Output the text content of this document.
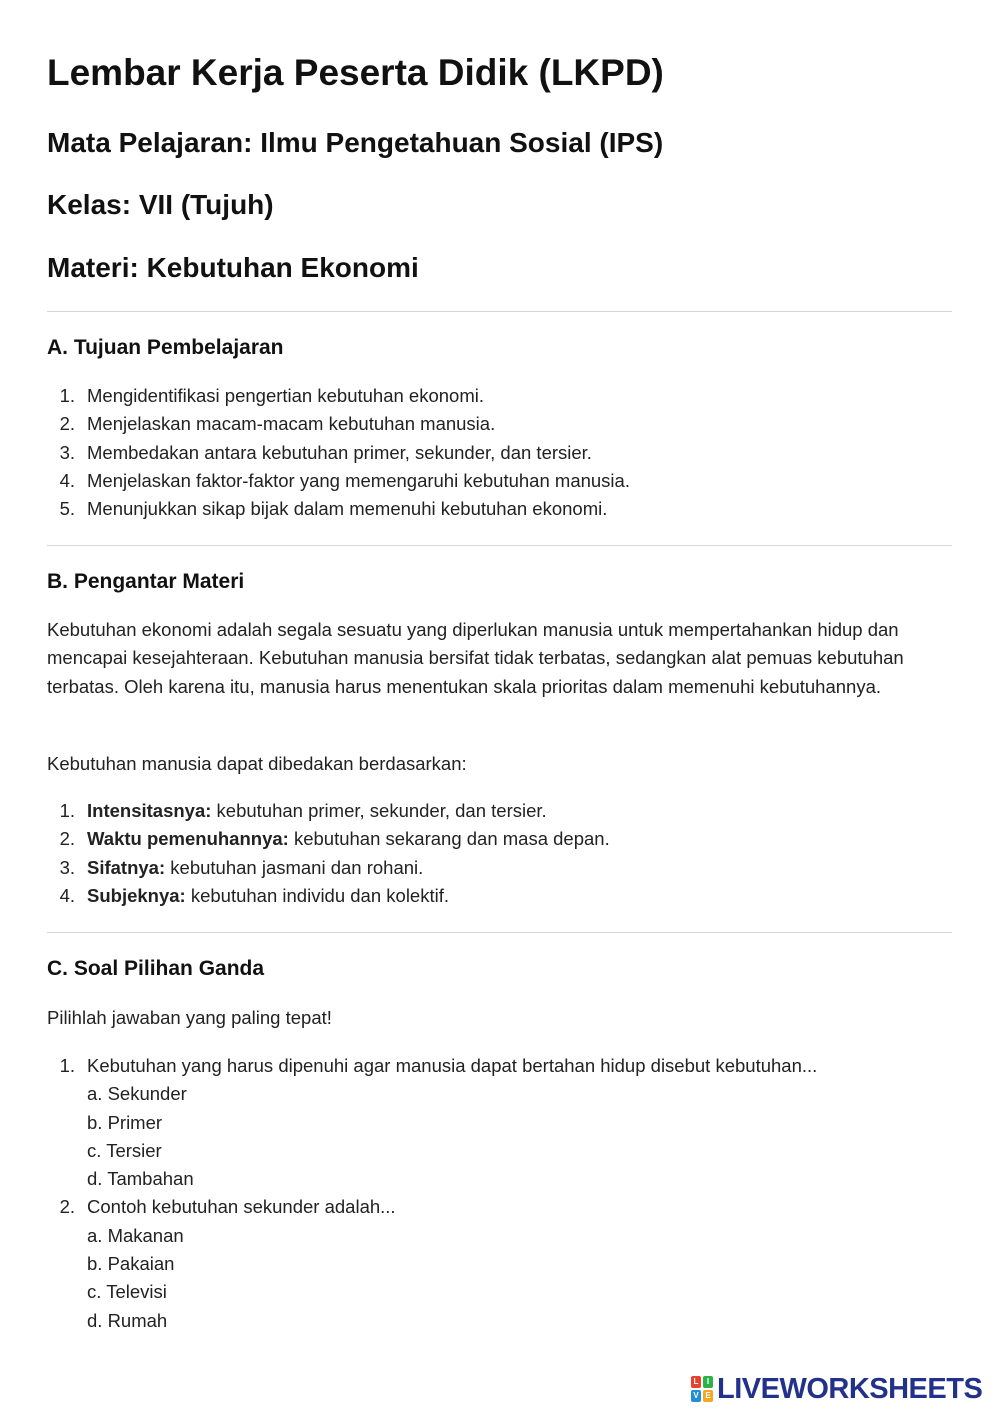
Lembar Kerja Peserta Didik (LKPD)
Mata Pelajaran: Ilmu Pengetahuan Sosial (IPS)
Kelas: VII (Tujuh)
Materi: Kebutuhan Ekonomi
A. Tujuan Pembelajaran
1. Mengidentifikasi pengertian kebutuhan ekonomi.
2. Menjelaskan macam-macam kebutuhan manusia.
3. Membedakan antara kebutuhan primer, sekunder, dan tersier.
4. Menjelaskan faktor-faktor yang memengaruhi kebutuhan manusia.
5. Menunjukkan sikap bijak dalam memenuhi kebutuhan ekonomi.
B. Pengantar Materi

Kebutuhan ekonomi adalah segala sesuatu yang diperlukan manusia untuk mempertahankan hidup dan mencapai kesejahteraan. Kebutuhan manusia bersifat tidak terbatas, sedangkan alat pemuas kebutuhan terbatas. Oleh karena itu, manusia harus menentukan skala prioritas dalam memenuhi kebutuhannya.

Kebutuhan manusia dapat dibedakan berdasarkan:

1. Intensitasnya: kebutuhan primer, sekunder, dan tersier.
2. Waktu pemenuhannya: kebutuhan sekarang dan masa depan.
3. Sifatnya: kebutuhan jasmani dan rohani.
4. Subjeknya: kebutuhan individu dan kolektif.
C. Soal Pilihan Ganda

Pilihlah jawaban yang paling tepat!

1. Kebutuhan yang harus dipenuhi agar manusia dapat bertahan hidup disebut kebutuhan...
a. Sekunder
b. Primer
c. Tersier
d. Tambahan
2. Contoh kebutuhan sekunder adalah...
a. Makanan
b. Pakaian
c. Televisi
d. Rumah
L	I
V E LIVEWORKSHEETS
